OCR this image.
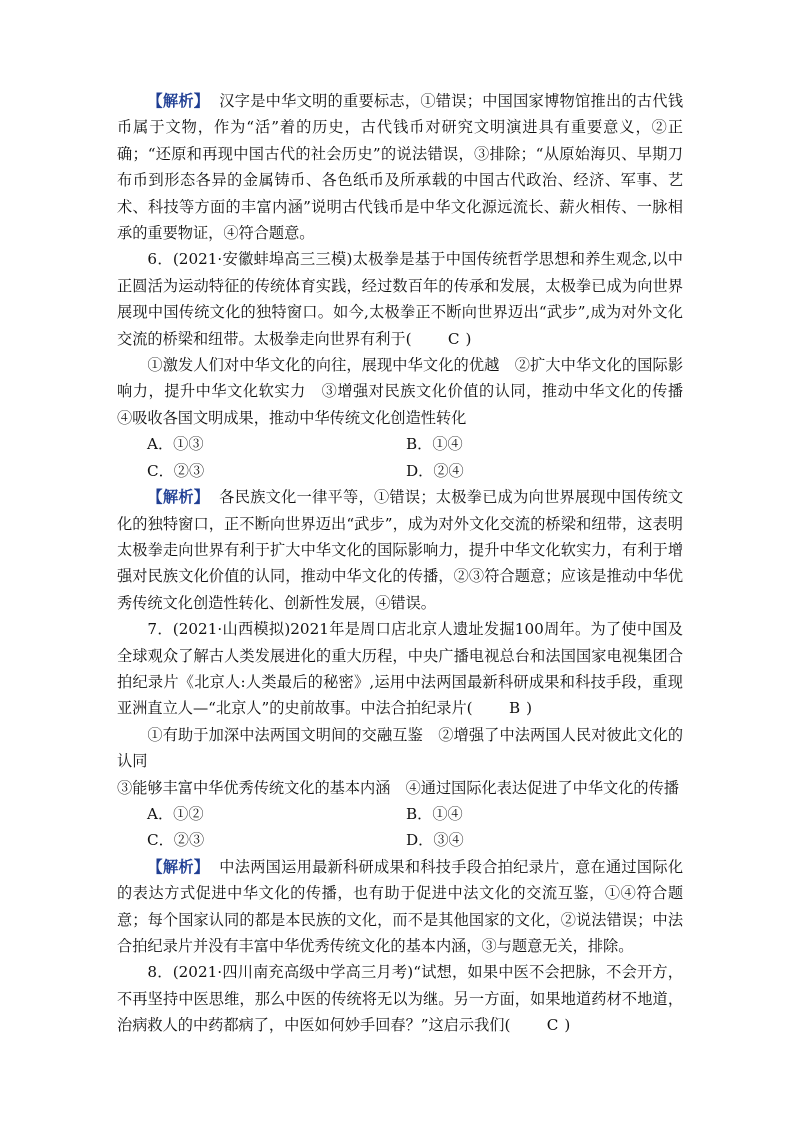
【解析】 汉字是中华文明的重要标志，①错误；中国国家博物馆推出的古代钱币属于文物，作为“活”着的历史，古代钱币对研究文明演进具有重要意义，②正确；“还原和再现中国古代的社会历史”的说法错误，③排除；“从原始海贝、早期刀布币到形态各异的金属铸币、各色纸币及所承载的中国古代政治、经济、军事、艺术、科技等方面的丰富内涵”说明古代钱币是中华文化源远流长、薪火相传、一脉相承的重要物证，④符合题意。

6．(2021·安徽蚌埠高三三模)太极拳是基于中国传统哲学思想和养生观念,以中正圆活为运动特征的传统体育实践，经过数百年的传承和发展，太极拳已成为向世界展现中国传统文化的独特窗口。如今,太极拳正不断向世界迈出“武步”,成为对外文化交流的桥梁和纽带。太极拳走向世界有利于( C )

①激发人们对中华文化的向往，展现中华文化的优越　②扩大中华文化的国际影响力，提升中华文化软实力　③增强对民族文化价值的认同，推动中华文化的传播　④吸收各国文明成果，推动中华传统文化创造性转化

A．①③	B．①④
C．②③	D．②④

【解析】 各民族文化一律平等，①错误；太极拳已成为向世界展现中国传统文化的独特窗口，正不断向世界迈出“武步”，成为对外文化交流的桥梁和纽带，这表明太极拳走向世界有利于扩大中华文化的国际影响力，提升中华文化软实力，有利于增强对民族文化价值的认同，推动中华文化的传播，②③符合题意；应该是推动中华优秀传统文化创造性转化、创新性发展，④错误。

7．(2021·山西模拟)2021年是周口店北京人遗址发掘100周年。为了使中国及全球观众了解古人类发展进化的重大历程，中央广播电视总台和法国国家电视集团合拍纪录片《北京人:人类最后的秘密》,运用中法两国最新科研成果和科技手段，重现亚洲直立人—“北京人”的史前故事。中法合拍纪录片( B )

①有助于加深中法两国文明间的交融互鉴　②增强了中法两国人民对彼此文化的认同

③能够丰富中华优秀传统文化的基本内涵　④通过国际化表达促进了中华文化的传播

A．①②	B．①④
C．②③	D．③④

【解析】 中法两国运用最新科研成果和科技手段合拍纪录片，意在通过国际化的表达方式促进中华文化的传播，也有助于促进中法文化的交流互鉴，①④符合题意；每个国家认同的都是本民族的文化，而不是其他国家的文化，②说法错误；中法合拍纪录片并没有丰富中华优秀传统文化的基本内涵，③与题意无关，排除。

8．(2021·四川南充高级中学高三月考)“试想，如果中医不会把脉，不会开方，不再坚持中医思维，那么中医的传统将无以为继。另一方面，如果地道药材不地道，治病救人的中药都病了，中医如何妙手回春？”这启示我们( C )
